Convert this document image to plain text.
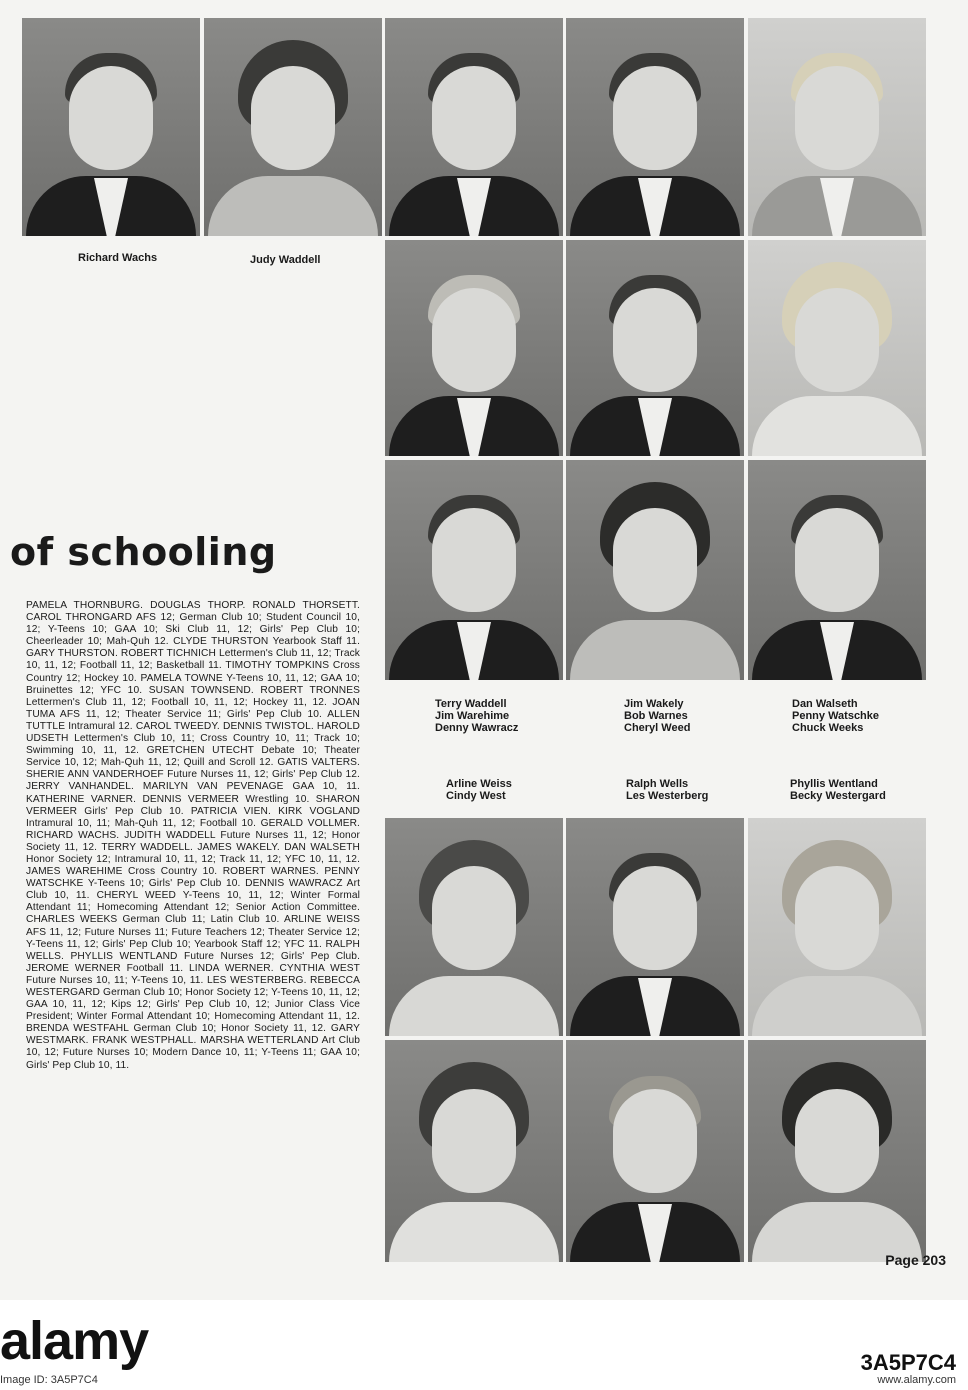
Richard Wachs	Judy Waddell
Terry Waddell
Jim Warehime
Denny Wawracz
Jim Wakely
Bob Warnes
Cheryl Weed
Dan Walseth
Penny Watschke
Chuck Weeks
Arline Weiss
Cindy West
Ralph Wells
Les Westerberg
Phyllis Wentland
Becky Westergard
of schooling
PAMELA THORNBURG. DOUGLAS THORP. RONALD THORSETT. CAROL THRONGARD AFS 12; German Club 10; Student Council 10, 12; Y-Teens 10; GAA 10; Ski Club 11, 12; Girls' Pep Club 10; Cheerleader 10; Mah-Quh 12. CLYDE THURSTON Yearbook Staff 11. GARY THURSTON. ROBERT TICHNICH Lettermen's Club 11, 12; Track 10, 11, 12; Football 11, 12; Basketball 11. TIMOTHY TOMPKINS Cross Country 12; Hockey 10. PAMELA TOWNE Y-Teens 10, 11, 12; GAA 10; Bruinettes 12; YFC 10. SUSAN TOWNSEND. ROBERT TRONNES Lettermen's Club 11, 12; Football 10, 11, 12; Hockey 11, 12. JOAN TUMA AFS 11, 12; Theater Service 11; Girls' Pep Club 10. ALLEN TUTTLE Intramural 12. CAROL TWEEDY. DENNIS TWISTOL. HAROLD UDSETH Lettermen's Club 10, 11; Cross Country 10, 11; Track 10; Swimming 10, 11, 12. GRETCHEN UTECHT Debate 10; Theater Service 10, 12; Mah-Quh 11, 12; Quill and Scroll 12. GATIS VALTERS. SHERIE ANN VANDERHOEF Future Nurses 11, 12; Girls' Pep Club 12. JERRY VANHANDEL. MARILYN VAN PEVENAGE GAA 10, 11. KATHERINE VARNER. DENNIS VERMEER Wrestling 10. SHARON VERMEER Girls' Pep Club 10. PATRICIA VIEN. KIRK VOGLAND Intramural 10, 11; Mah-Quh 11, 12; Football 10. GERALD VOLLMER. RICHARD WACHS. JUDITH WADDELL Future Nurses 11, 12; Honor Society 11, 12. TERRY WADDELL. JAMES WAKELY. DAN WALSETH Honor Society 12; Intramural 10, 11, 12; Track 11, 12; YFC 10, 11, 12. JAMES WAREHIME Cross Country 10. ROBERT WARNES. PENNY WATSCHKE Y-Teens 10; Girls' Pep Club 10. DENNIS WAWRACZ Art Club 10, 11. CHERYL WEED Y-Teens 10, 11, 12; Winter Formal Attendant 11; Homecoming Attendant 12; Senior Action Committee. CHARLES WEEKS German Club 11; Latin Club 10. ARLINE WEISS AFS 11, 12; Future Nurses 11; Future Teachers 12; Theater Service 12; Y-Teens 11, 12; Girls' Pep Club 10; Yearbook Staff 12; YFC 11. RALPH WELLS. PHYLLIS WENTLAND Future Nurses 12; Girls' Pep Club. JEROME WERNER Football 11. LINDA WERNER. CYNTHIA WEST Future Nurses 10, 11; Y-Teens 10, 11. LES WESTERBERG. REBECCA WESTERGARD German Club 10; Honor Society 12; Y-Teens 10, 11, 12; GAA 10, 11, 12; Kips 12; Girls' Pep Club 10, 12; Junior Class Vice President; Winter Formal Attendant 10; Homecoming Attendant 11, 12. BRENDA WESTFAHL German Club 10; Honor Society 11, 12. GARY WESTMARK. FRANK WESTPHALL. MARSHA WETTERLAND Art Club 10, 12; Future Nurses 10; Modern Dance 10, 11; Y-Teens 11; GAA 10; Girls' Pep Club 10, 11.
Page 203
alamy
Image ID: 3A5P7C4
3A5P7C4
www.alamy.com
